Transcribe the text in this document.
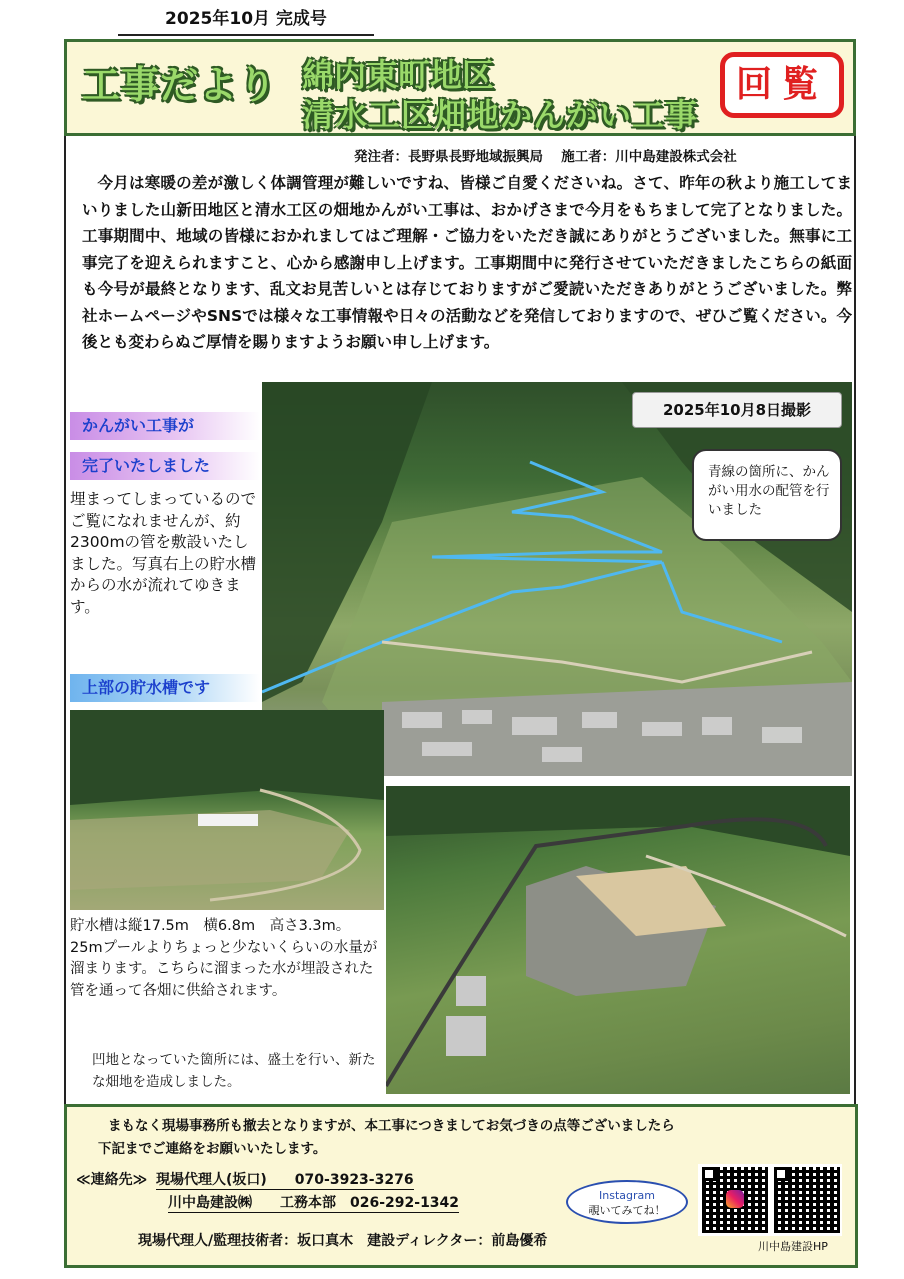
2025年10月 完成号
工事だより 綿内東町地区
清水工区畑地かんがい工事
回覧
発注者：長野県長野地域振興局　 施工者：川中島建設株式会社

今月は寒暖の差が激しく体調管理が難しいですね、皆様ご自愛くださいね。さて、昨年の秋より施工してまいりました山新田地区と清水工区の畑地かんがい工事は、おかげさまで今月をもちまして完了となりました。工事期間中、地域の皆様におかれましてはご理解・ご協力をいただき誠にありがとうございました。無事に工事完了を迎えられますこと、心から感謝申し上げます。工事期間中に発行させていただきましたこちらの紙面も今号が最終となります、乱文お見苦しいとは存じておりますがご愛読いただきありがとうございました。弊社ホームページやSNSでは様々な工事情報や日々の活動などを発信しておりますので、ぜひご覧ください。今後とも変わらぬご厚情を賜りますようお願い申し上げます。

2025年10月8日撮影
青線の箇所に、かんがい用水の配管を行いました
かんがい工事が
完了いたしました
埋まってしまっているのでご覧になれませんが、約2300mの管を敷設いたしました。写真右上の貯水槽からの水が流れてゆきます。
上部の貯水槽です
貯水槽は縦17.5m　横6.8m　高さ3.3m。25mプールよりちょっと少ないくらいの水量が溜まります。こちらに溜まった水が埋設された管を通って各畑に供給されます。
凹地となっていた箇所には、盛土を行い、新たな畑地を造成しました。
まもなく現場事務所も撤去となりますが、本工事につきましてお気づきの点等ございましたら
下記までご連絡をお願いいたします。
≪連絡先≫ 現場代理人(坂口)　　070-3923-3276
川中島建設㈱　　工務本部　026-292-1342
現場代理人/監理技術者：坂口真木　建設ディレクター：前島優希
Instagram
覗いてみてね！
川中島建設HP
